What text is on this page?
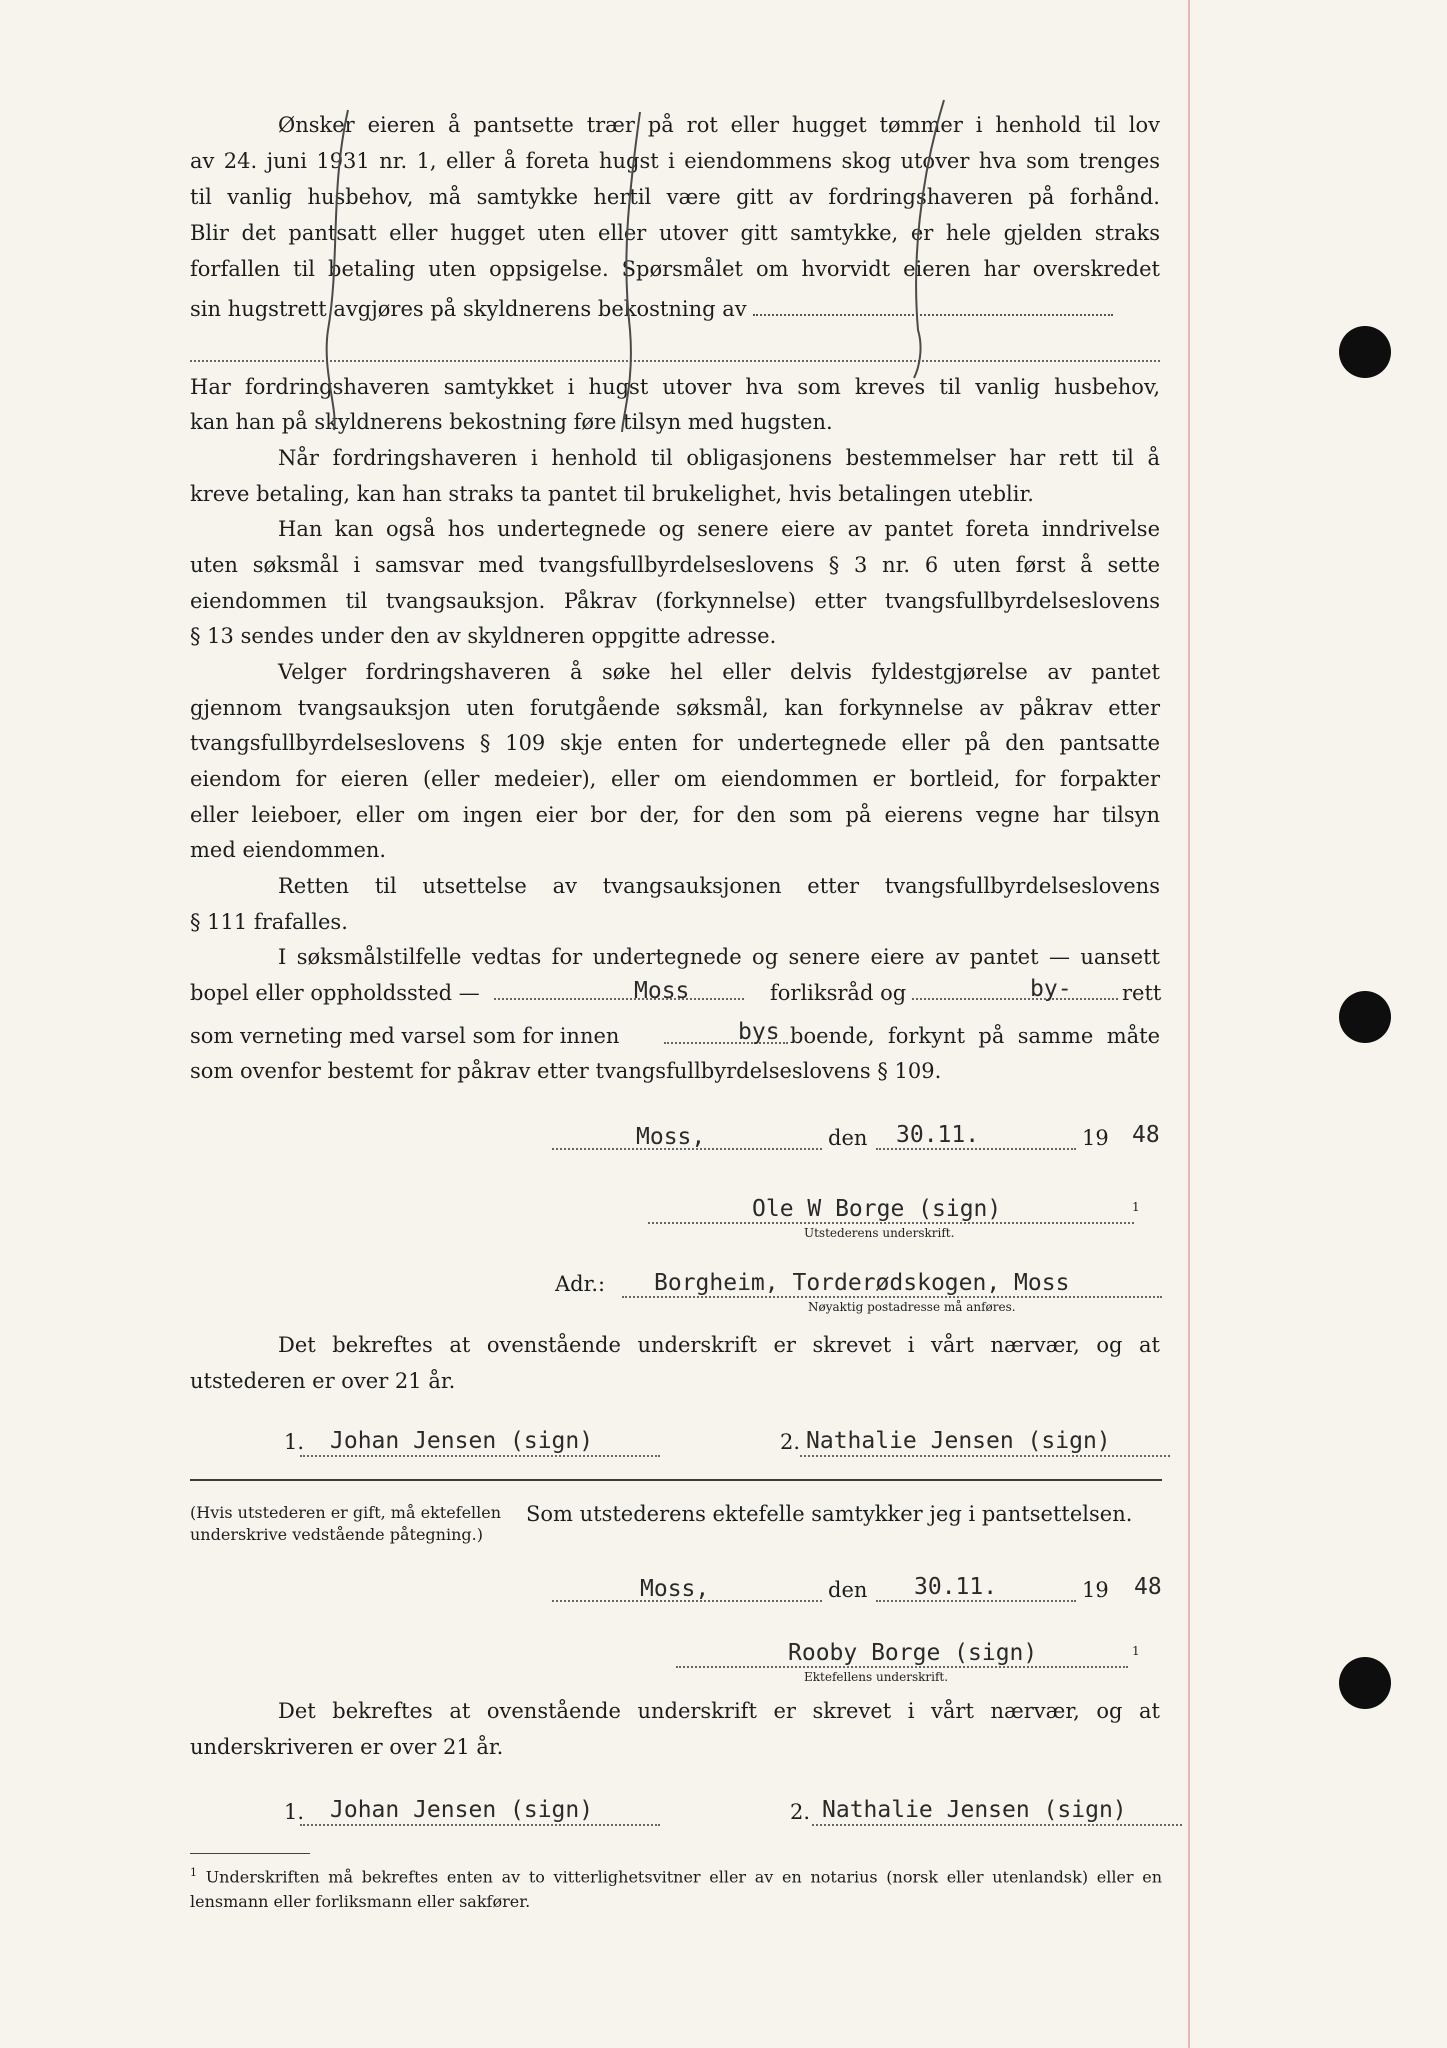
Ønsker eieren å pantsette trær på rot eller hugget tømmer i henhold til lov

av 24. juni 1931 nr. 1, eller å foreta hugst i eiendommens skog utover hva som trenges

til vanlig husbehov, må samtykke hertil være gitt av fordringshaveren på forhånd.

Blir det pantsatt eller hugget uten eller utover gitt samtykke, er hele gjelden straks

forfallen til betaling uten oppsigelse. Spørsmålet om hvorvidt eieren har overskredet

sin hugstrett avgjøres på skyldnerens bekostning av

Har fordringshaveren samtykket i hugst utover hva som kreves til vanlig husbehov,

kan han på skyldnerens bekostning føre tilsyn med hugsten.

Når fordringshaveren i henhold til obligasjonens bestemmelser har rett til å

kreve betaling, kan han straks ta pantet til brukelighet, hvis betalingen uteblir.

Han kan også hos undertegnede og senere eiere av pantet foreta inndrivelse

uten søksmål i samsvar med tvangsfullbyrdelseslovens § 3 nr. 6 uten først å sette

eiendommen til tvangsauksjon. Påkrav (forkynnelse) etter tvangsfullbyrdelseslovens

§ 13 sendes under den av skyldneren oppgitte adresse.

Velger fordringshaveren å søke hel eller delvis fyldestgjørelse av pantet

gjennom tvangsauksjon uten forutgående søksmål, kan forkynnelse av påkrav etter

tvangsfullbyrdelseslovens § 109 skje enten for undertegnede eller på den pantsatte

eiendom for eieren (eller medeier), eller om eiendommen er bortleid, for forpakter

eller leieboer, eller om ingen eier bor der, for den som på eierens vegne har tilsyn

med eiendommen.

Retten til utsettelse av tvangsauksjonen etter tvangsfullbyrdelseslovens

§ 111 frafalles.

I søksmålstilfelle vedtas for undertegnede og senere eiere av pantet — uansett

bopel eller oppholdssted —	Moss	forliksråd og	by- rett
som verneting med varsel som for innen	bys boende, forkynt på samme måte
som ovenfor bestemt for påkrav etter tvangsfullbyrdelseslovens § 109.
Moss,	den 30.11.	19 48
Ole W Borge (sign)
Utstederens underskrift.
1
Adr.: Borgheim, Torderødskogen, Moss
Nøyaktig postadresse må anføres.

Det bekreftes at ovenstående underskrift er skrevet i vårt nærvær, og at

utstederen er over 21 år.

1. Johan Jensen (sign)	2. Nathalie Jensen (sign)
(Hvis utstederen er gift, må ektefellen underskrive vedstående påtegning.)
Som utstederens ektefelle samtykker jeg i pantsettelsen.
Moss,	den 30.11.	19 48
Rooby Borge (sign)
Ektefellens underskrift.
1

Det bekreftes at ovenstående underskrift er skrevet i vårt nærvær, og at

underskriveren er over 21 år.

1. Johan Jensen (sign)	2. Nathalie Jensen (sign)
$^1$ Underskriften må bekreftes enten av to vitterlighetsvitner eller av en notarius (norsk eller utenlandsk) eller en lensmann eller forliksmann eller sakfører.
